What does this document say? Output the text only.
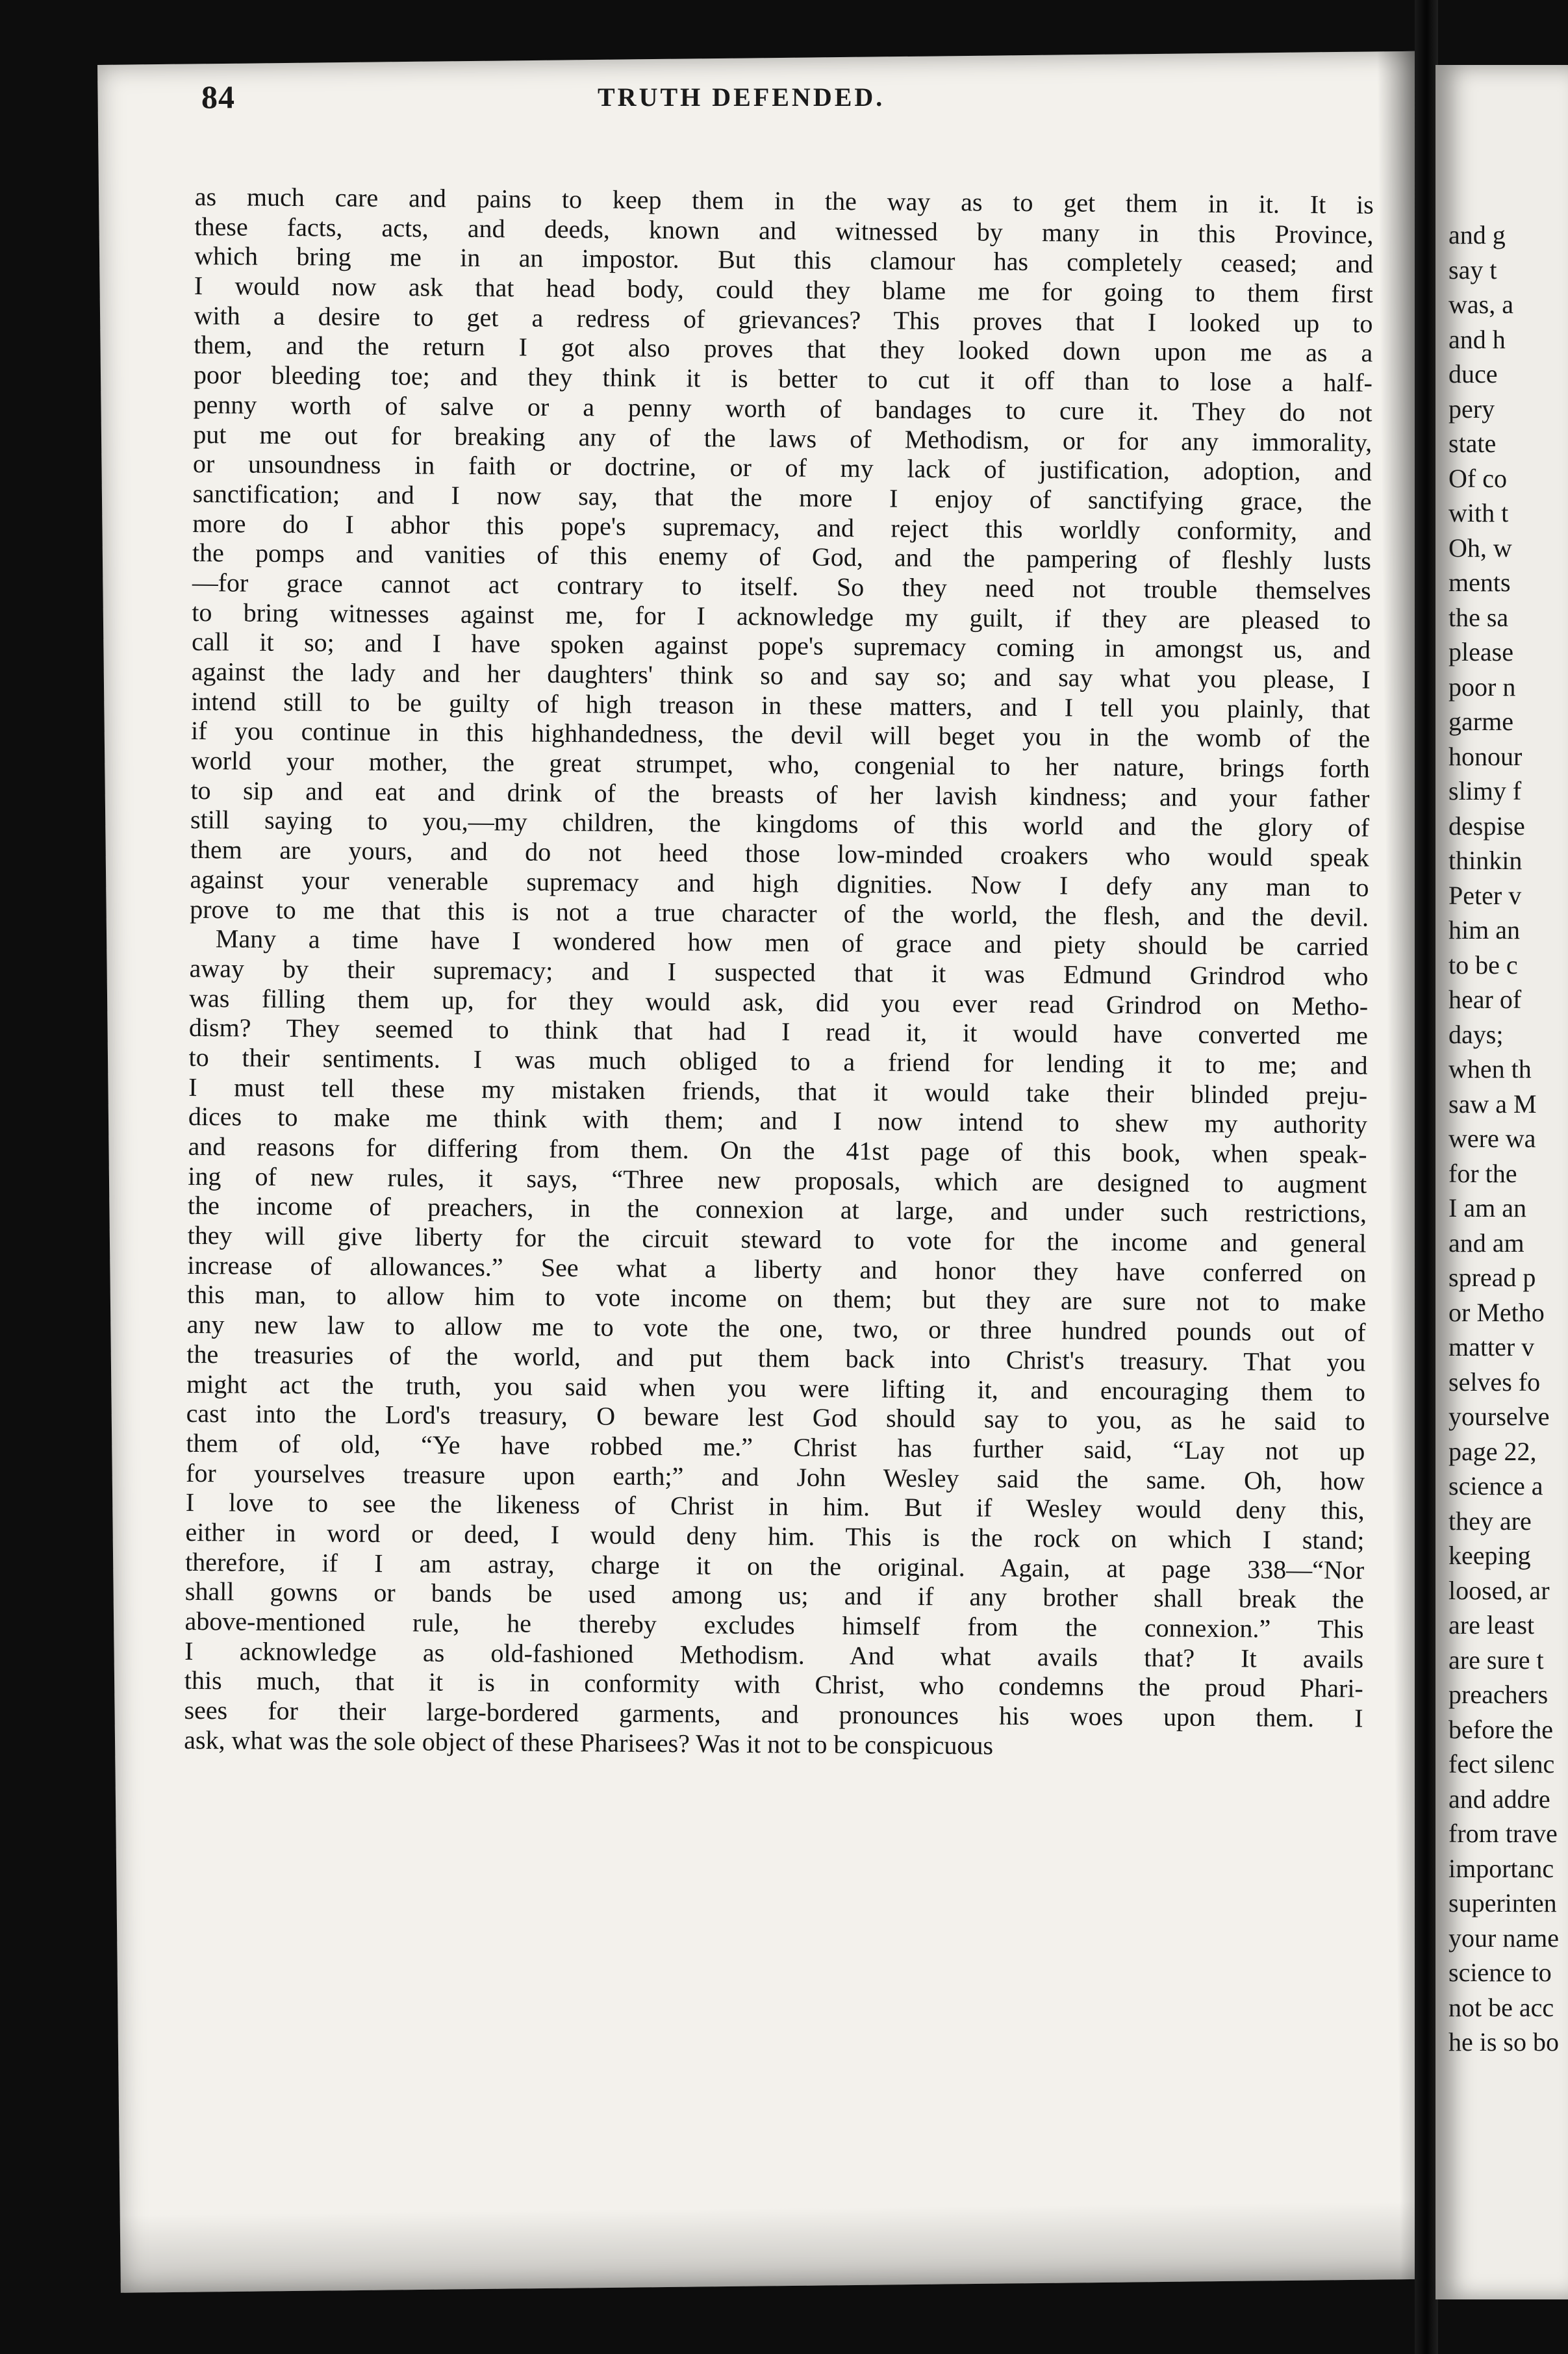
84	TRUTH DEFENDED.
as much care and pains to keep them in the way as to get them in it. It is
these facts, acts, and deeds, known and witnessed by many in this Province,
which bring me in an impostor. But this clamour has completely ceased; and
I would now ask that head body, could they blame me for going to them first
with a desire to get a redress of grievances? This proves that I looked up to
them, and the return I got also proves that they looked down upon me as a
poor bleeding toe; and they think it is better to cut it off than to lose a half-
penny worth of salve or a penny worth of bandages to cure it. They do not
put me out for breaking any of the laws of Methodism, or for any immorality,
or unsoundness in faith or doctrine, or of my lack of justification, adoption, and
sanctification; and I now say, that the more I enjoy of sanctifying grace, the
more do I abhor this pope's supremacy, and reject this worldly conformity, and
the pomps and vanities of this enemy of God, and the pampering of fleshly lusts
—for grace cannot act contrary to itself. So they need not trouble themselves
to bring witnesses against me, for I acknowledge my guilt, if they are pleased to
call it so; and I have spoken against pope's supremacy coming in amongst us, and
against the lady and her daughters' think so and say so; and say what you please, I
intend still to be guilty of high treason in these matters, and I tell you plainly, that
if you continue in this highhandedness, the devil will beget you in the womb of the
world your mother, the great strumpet, who, congenial to her nature, brings forth
to sip and eat and drink of the breasts of her lavish kindness; and your father
still saying to you,—my children, the kingdoms of this world and the glory of
them are yours, and do not heed those low-minded croakers who would speak
against your venerable supremacy and high dignities. Now I defy any man to
prove to me that this is not a true character of the world, the flesh, and the devil.
Many a time have I wondered how men of grace and piety should be carried
away by their supremacy; and I suspected that it was Edmund Grindrod who
was filling them up, for they would ask, did you ever read Grindrod on Metho-
dism? They seemed to think that had I read it, it would have converted me
to their sentiments. I was much obliged to a friend for lending it to me; and
I must tell these my mistaken friends, that it would take their blinded preju-
dices to make me think with them; and I now intend to shew my authority
and reasons for differing from them. On the 41st page of this book, when speak-
ing of new rules, it says, “Three new proposals, which are designed to augment
the income of preachers, in the connexion at large, and under such restrictions,
they will give liberty for the circuit steward to vote for the income and general
increase of allowances.” See what a liberty and honor they have conferred on
this man, to allow him to vote income on them; but they are sure not to make
any new law to allow me to vote the one, two, or three hundred pounds out of
the treasuries of the world, and put them back into Christ's treasury. That you
might act the truth, you said when you were lifting it, and encouraging them to
cast into the Lord's treasury, O beware lest God should say to you, as he said to
them of old, “Ye have robbed me.” Christ has further said, “Lay not up
for yourselves treasure upon earth;” and John Wesley said the same. Oh, how
I love to see the likeness of Christ in him. But if Wesley would deny this,
either in word or deed, I would deny him. This is the rock on which I stand;
therefore, if I am astray, charge it on the original. Again, at page 338—“Nor
shall gowns or bands be used among us; and if any brother shall break the
above-mentioned rule, he thereby excludes himself from the connexion.” This
I acknowledge as old-fashioned Methodism. And what avails that? It avails
this much, that it is in conformity with Christ, who condemns the proud Phari-
sees for their large-bordered garments, and pronounces his woes upon them. I
ask, what was the sole object of these Pharisees? Was it not to be conspicuous
and g
say t
was, a
and h
duce
pery
state
Of co
with t
Oh, w
ments
the sa
please
poor n
garme
honour
slimy f
despise
thinkin
Peter v
him an
to be c
hear of
days;
when th
saw a M
were wa
for the
I am an
and am
spread p
or Metho
matter v
selves fo
yourselve
page 22,
science a
they are
keeping
loosed, ar
are least
are sure t
preachers
before the
fect silenc
and addre
from trave
importanc
superinten
your name
science to
not be acc
he is so bo
